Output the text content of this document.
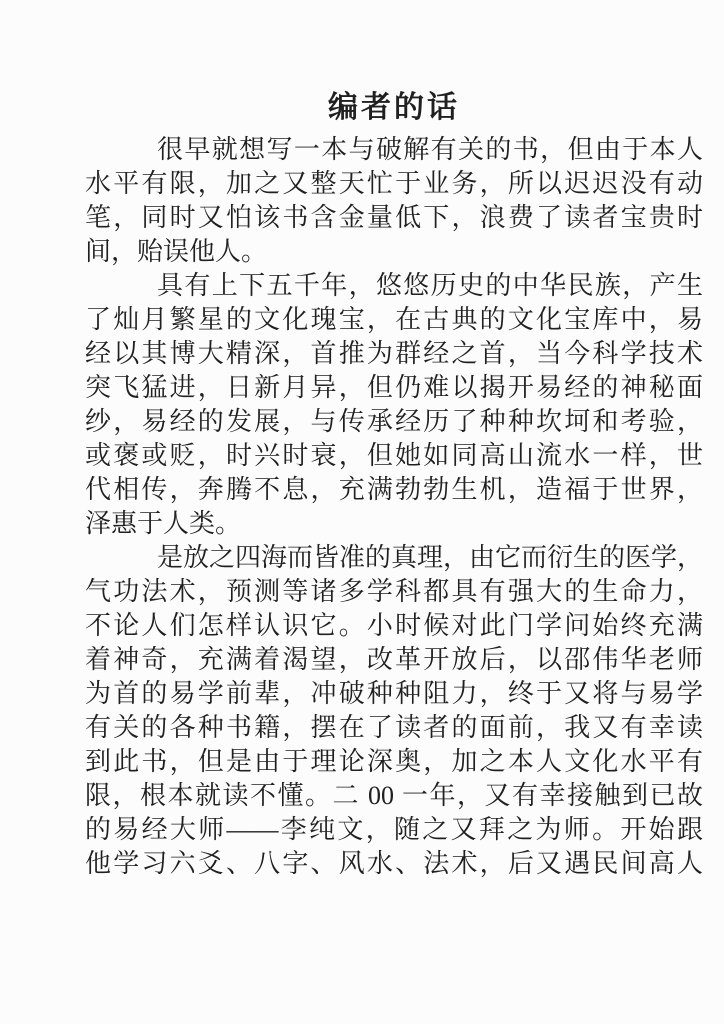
编者的话
很早就想写一本与破解有关的书，但由于本人
水平有限，加之又整天忙于业务，所以迟迟没有动
笔，同时又怕该书含金量低下，浪费了读者宝贵时
间，贻误他人。
具有上下五千年，悠悠历史的中华民族，产生
了灿月繁星的文化瑰宝，在古典的文化宝库中，易
经以其博大精深，首推为群经之首，当今科学技术
突飞猛进，日新月异，但仍难以揭开易经的神秘面
纱，易经的发展，与传承经历了种种坎坷和考验，
或褒或贬，时兴时衰，但她如同高山流水一样，世
代相传，奔腾不息，充满勃勃生机，造福于世界，
泽惠于人类。
是放之四海而皆准的真理，由它而衍生的医学，
气功法术，预测等诸多学科都具有强大的生命力，
不论人们怎样认识它。小时候对此门学问始终充满
着神奇，充满着渴望，改革开放后，以邵伟华老师
为首的易学前辈，冲破种种阻力，终于又将与易学
有关的各种书籍，摆在了读者的面前，我又有幸读
到此书，但是由于理论深奥，加之本人文化水平有
限，根本就读不懂。二 00 一年，又有幸接触到已故
的易经大师——李纯文，随之又拜之为师。开始跟
他学习六爻、八字、风水、法术，后又遇民间高人
